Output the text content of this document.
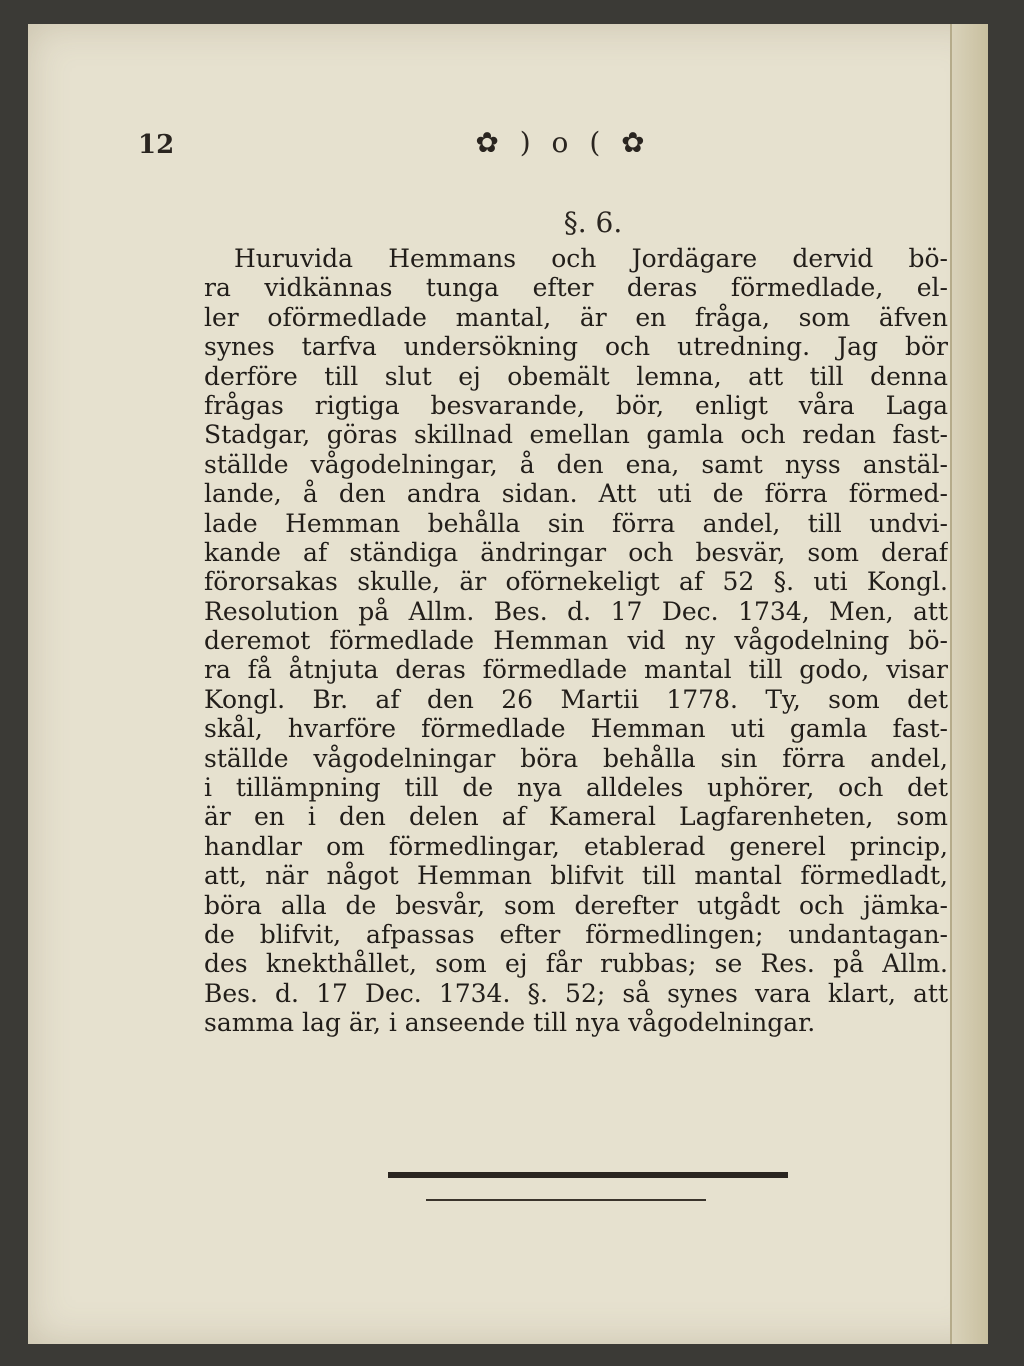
12	✿ ) o ( ✿
§. 6.
Huruvida Hemmans och Jordägare dervid bö-
ra vidkännas tunga efter deras förmedlade, el-
ler oförmedlade mantal, är en fråga, som äfven
synes tarfva undersökning och utredning. Jag bör
derföre till slut ej obemält lemna, att till denna
frågas rigtiga besvarande, bör, enligt våra Laga
Stadgar, göras skillnad emellan gamla och redan fast-
ställde vågodelningar, å den ena, samt nyss anstäl-
lande, å den andra sidan. Att uti de förra förmed-
lade Hemman behålla sin förra andel, till undvi-
kande af ständiga ändringar och besvär, som deraf
förorsakas skulle, är oförnekeligt af 52 §. uti Kongl.
Resolution på Allm. Bes. d. 17 Dec. 1734, Men, att
deremot förmedlade Hemman vid ny vågodelning bö-
ra få åtnjuta deras förmedlade mantal till godo, visar
Kongl. Br. af den 26 Martii 1778. Ty, som det
skål, hvarföre förmedlade Hemman uti gamla fast-
ställde vågodelningar böra behålla sin förra andel,
i tillämpning till de nya alldeles uphörer, och det
är en i den delen af Kameral Lagfarenheten, som
handlar om förmedlingar, etablerad generel princip,
att, när något Hemman blifvit till mantal förmedladt,
böra alla de besvår, som derefter utgådt och jämka-
de blifvit, afpassas efter förmedlingen; undantagan-
des knekthållet, som ej får rubbas; se Res. på Allm.
Bes. d. 17 Dec. 1734. §. 52; så synes vara klart, att
samma lag är, i anseende till nya vågodelningar.
